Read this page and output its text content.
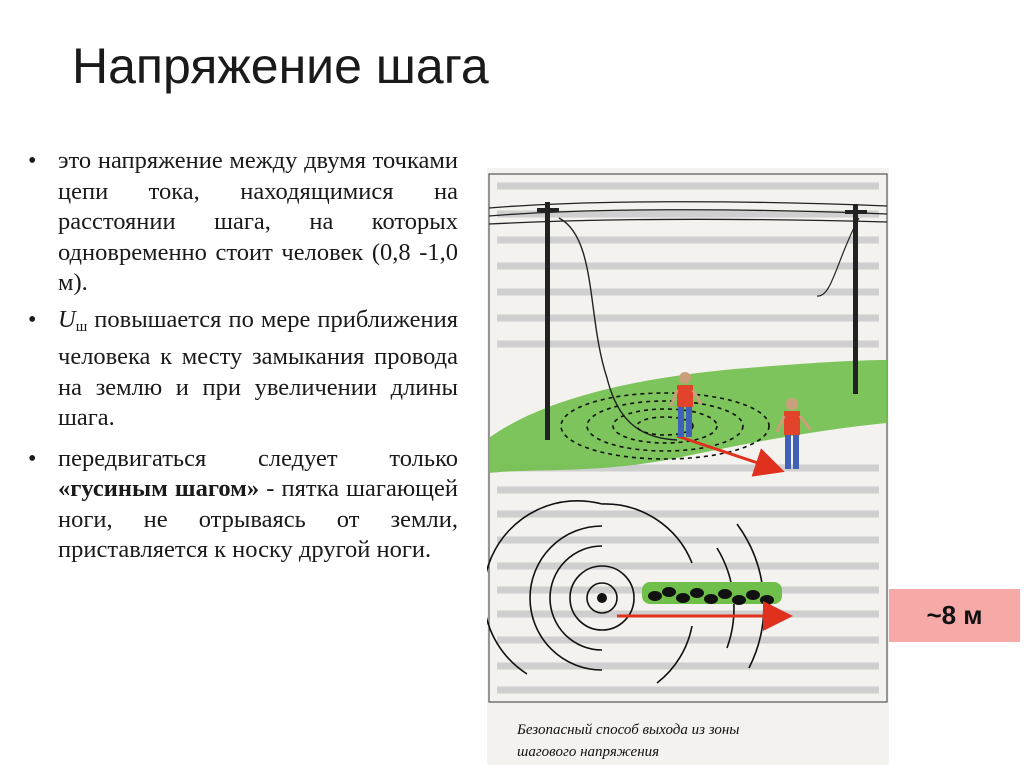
Напряжение шага
• это напряжение между двумя точками цепи тока, находящимися на расстоянии шага, на которых одновременно стоит человек (0,8 -1,0 м).
• Uш повышается по мере приближения человека к месту замыкания провода на землю и при увеличении длины шага.
• передвигаться следует только «гусиным шагом» - пятка шагающей ноги, не отрываясь от земли, приставляется к носку другой ноги.
Безопасный способ выхода из зоны
шагового напряжения
~8 м
